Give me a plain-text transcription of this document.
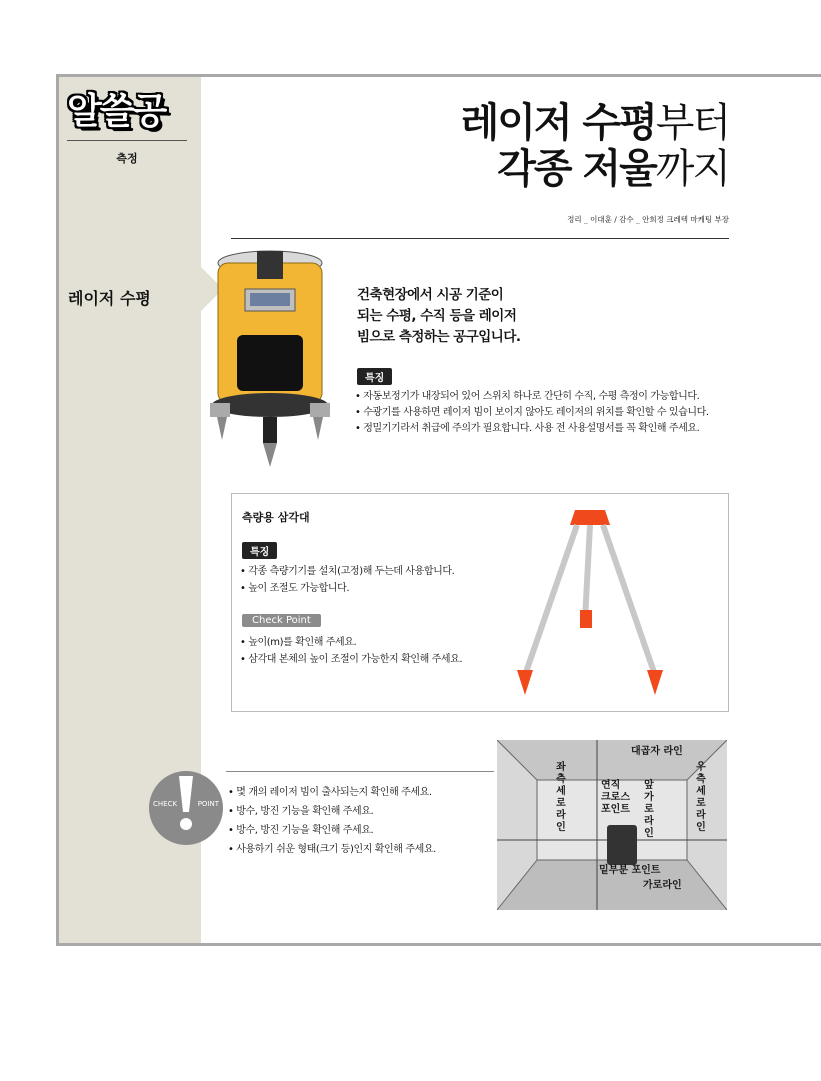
알쓸공
측정
레이저 수평
레이저 수평부터
각종 저울까지
정리 _ 이대훈 / 감수 _ 안희정 크레텍 마케팅 부장
건축현장에서 시공 기준이
되는 수평, 수직 등을 레이저
빔으로 측정하는 공구입니다.
특징
• 자동보정기가 내장되어 있어 스위치 하나로 간단히 수직, 수평 측정이 가능합니다.
• 수광기를 사용하면 레이저 빔이 보이지 않아도 레이저의 위치를 확인할 수 있습니다.
• 정밀기기라서 취급에 주의가 필요합니다. 사용 전 사용설명서를 꼭 확인해 주세요.
측량용 삼각대
특징
• 각종 측량기기를 설치(고정)해 두는데 사용합니다.
• 높이 조절도 가능합니다.
Check Point
• 높이(m)를 확인해 주세요.
• 삼각대 본체의 높이 조절이 가능한지 확인해 주세요.
CHECK	POINT
• 몇 개의 레이저 빔이 출사되는지 확인해 주세요.
• 방수, 방진 기능을 확인해 주세요.
• 방수, 방진 기능을 확인해 주세요.
• 사용하기 쉬운 형태(크기 등)인지 확인해 주세요.
대곱자 라인
좌측세로라인
우측세로라인
연직
크로스
포인트
앞가로라인
밑부분 포인트
가로라인
